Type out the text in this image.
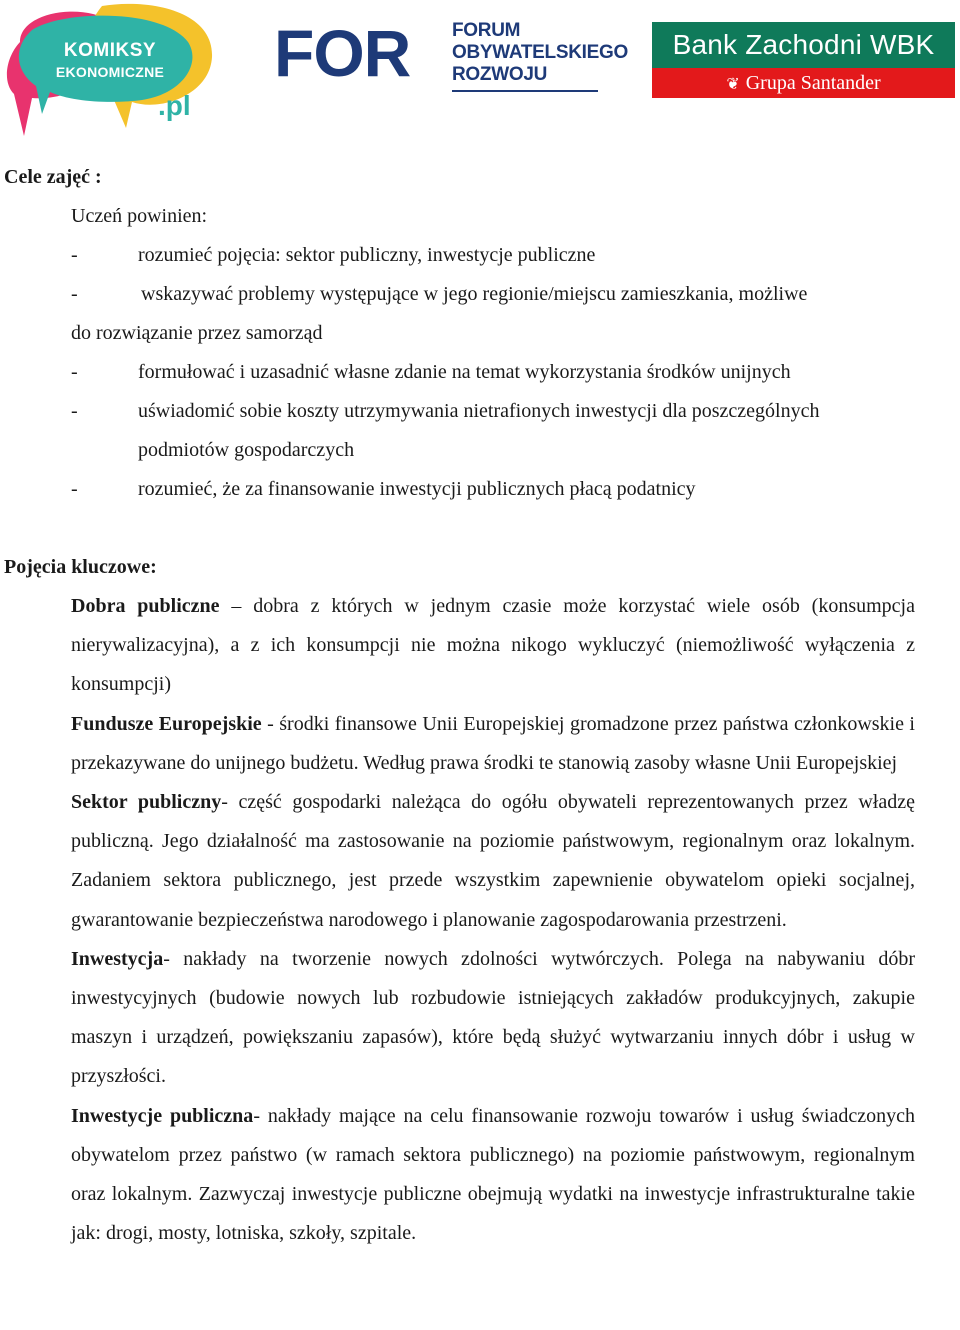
KOMIKSY
EKONOMICZNE
.pl
FOR FORUM
OBYWATELSKIEGO
ROZWOJU
Bank Zachodni WBK
❦ Grupa Santander
Cele zajęć :
Uczeń powinien:
-	rozumieć pojęcia: sektor publiczny, inwestycje publiczne
-	wskazywać problemy występujące w jego regionie/miejscu zamieszkania, możliwe
do rozwiązanie przez samorząd
-	formułować i uzasadnić własne zdanie na temat wykorzystania środków unijnych
-	uświadomić sobie koszty utrzymywania nietrafionych inwestycji dla poszczególnych podmiotów gospodarczych
-	rozumieć, że za finansowanie inwestycji publicznych płacą podatnicy
Pojęcia kluczowe:

Dobra publiczne – dobra z których w jednym czasie może korzystać wiele osób (konsumpcja nierywalizacyjna), a z ich konsumpcji nie można nikogo wykluczyć (niemożliwość wyłączenia z konsumpcji)

Fundusze Europejskie - środki finansowe Unii Europejskiej gromadzone przez państwa członkowskie i przekazywane do unijnego budżetu. Według prawa środki te stanowią zasoby własne Unii Europejskiej

Sektor publiczny- część gospodarki należąca do ogółu obywateli reprezentowanych przez władzę publiczną. Jego działalność ma zastosowanie na poziomie państwowym, regionalnym oraz lokalnym. Zadaniem sektora publicznego, jest przede wszystkim zapewnienie obywatelom opieki socjalnej, gwarantowanie bezpieczeństwa narodowego i planowanie zagospodarowania przestrzeni.

Inwestycja- nakłady na tworzenie nowych zdolności wytwórczych. Polega na nabywaniu dóbr inwestycyjnych (budowie nowych lub rozbudowie istniejących zakładów produkcyjnych, zakupie maszyn i urządzeń, powiększaniu zapasów), które będą służyć wytwarzaniu innych dóbr i usług w przyszłości.

Inwestycje publiczna- nakłady mające na celu finansowanie rozwoju towarów i usług świadczonych obywatelom przez państwo (w ramach sektora publicznego) na poziomie państwowym, regionalnym oraz lokalnym. Zazwyczaj inwestycje publiczne obejmują wydatki na inwestycje infrastrukturalne takie jak: drogi, mosty, lotniska, szkoły, szpitale.
